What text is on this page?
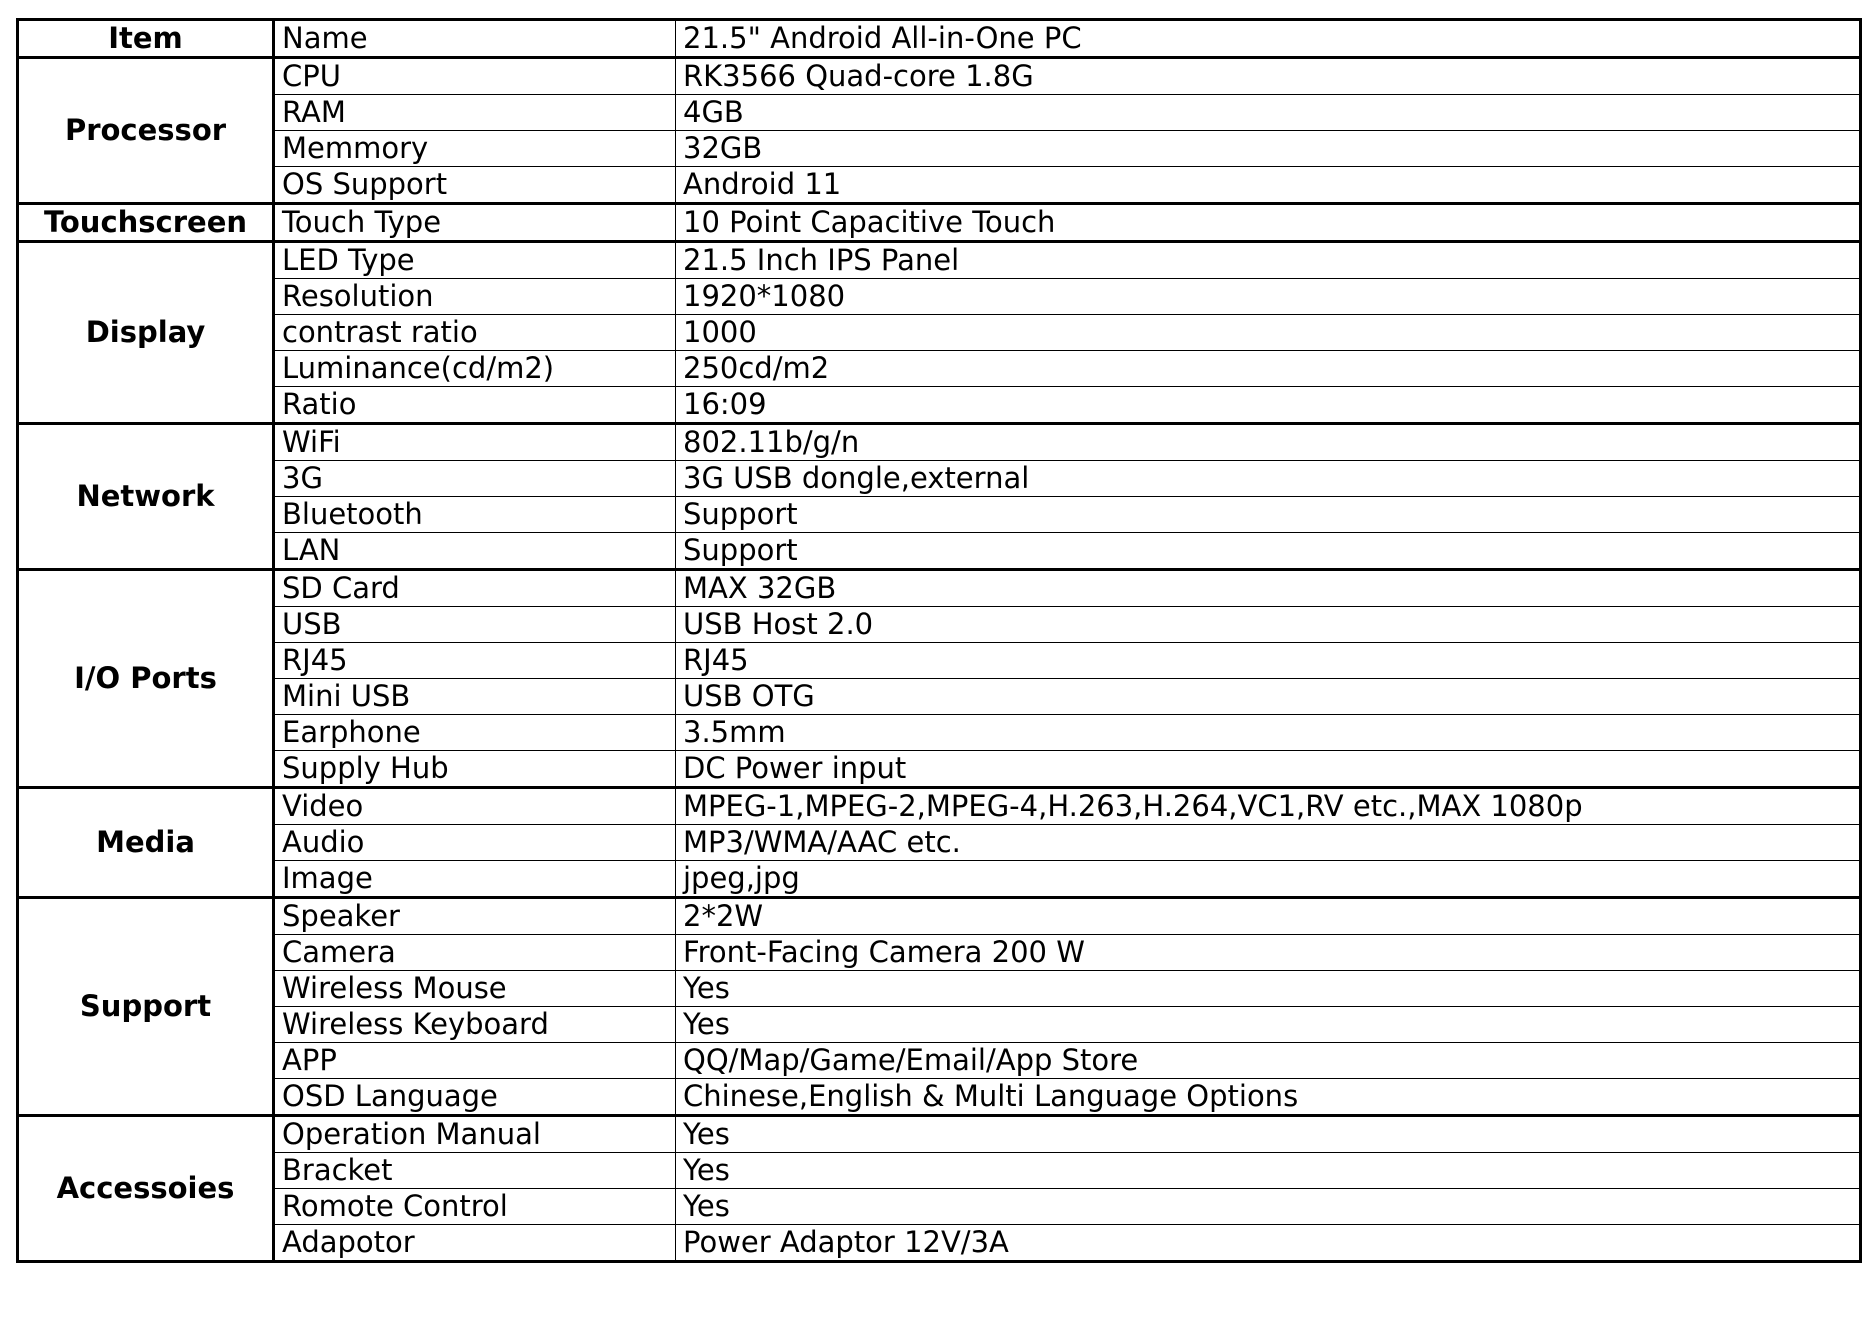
Item	Name	21.5" Android All-in-One PC
Processor	CPU	RK3566 Quad-core 1.8G
	RAM	4GB
	Memmory	32GB
	OS Support	Android 11
Touchscreen	Touch Type	10 Point Capacitive Touch
Display	LED Type	21.5 Inch IPS Panel
	Resolution	1920*1080
	contrast ratio	1000
	Luminance(cd/m2)	250cd/m2
	Ratio	16:09
Network	WiFi	802.11b/g/n
	3G	3G USB dongle,external
	Bluetooth	Support
	LAN	Support
I/O Ports	SD Card	MAX 32GB
	USB	USB Host 2.0
	RJ45	RJ45
	Mini USB	USB OTG
	Earphone	3.5mm
	Supply Hub	DC Power input
Media	Video	MPEG-1,MPEG-2,MPEG-4,H.263,H.264,VC1,RV etc.,MAX 1080p
	Audio	MP3/WMA/AAC etc.
	Image	jpeg,jpg
Support	Speaker	2*2W
	Camera	Front-Facing Camera 200 W
	Wireless Mouse	Yes
	Wireless Keyboard	Yes
	APP	QQ/Map/Game/Email/App Store
	OSD Language	Chinese,English & Multi Language Options
Accessoies	Operation Manual	Yes
	Bracket	Yes
	Romote Control	Yes
	Adapotor	Power Adaptor 12V/3A
